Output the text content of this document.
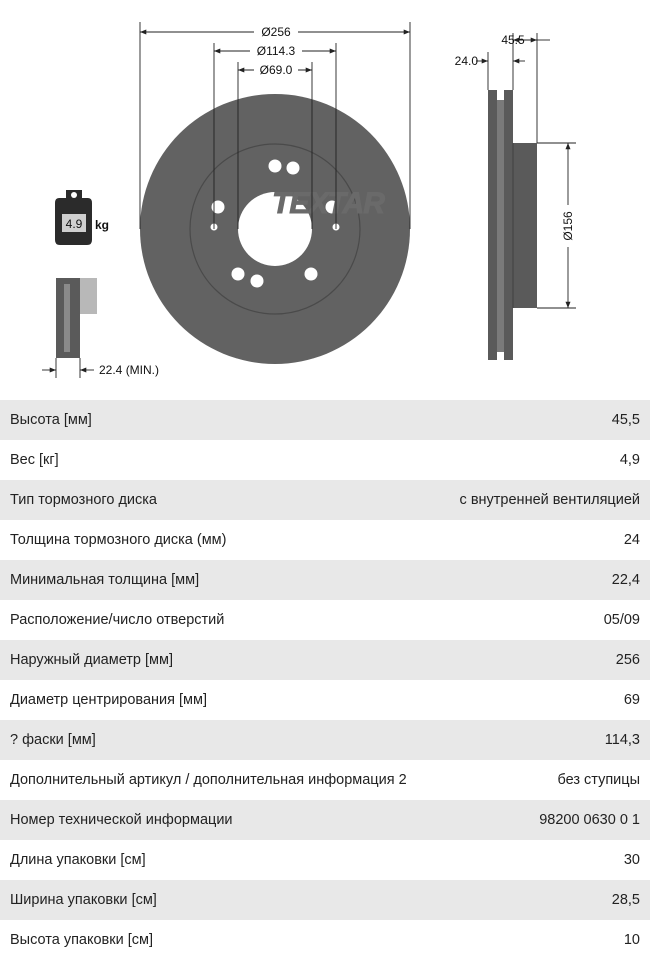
TEXTAR
Ø256
Ø114.3
Ø69.0
45.5
24.0
Ø156
4.9 kg
22.4 (MIN.)
Высота [мм]	45,5
Вес [кг]	4,9
Тип тормозного диска	с внутренней вентиляцией
Толщина тормозного диска (мм)	24
Минимальная толщина [мм]	22,4
Расположение/число отверстий	05/09
Наружный диаметр [мм]	256
Диаметр центрирования [мм]	69
? фаски [мм]	114,3
Дополнительный артикул / дополнительная информация 2	без ступицы
Номер технической информации	98200 0630 0 1
Длина упаковки [см]	30
Ширина упаковки [см]	28,5
Высота упаковки [см]	10
